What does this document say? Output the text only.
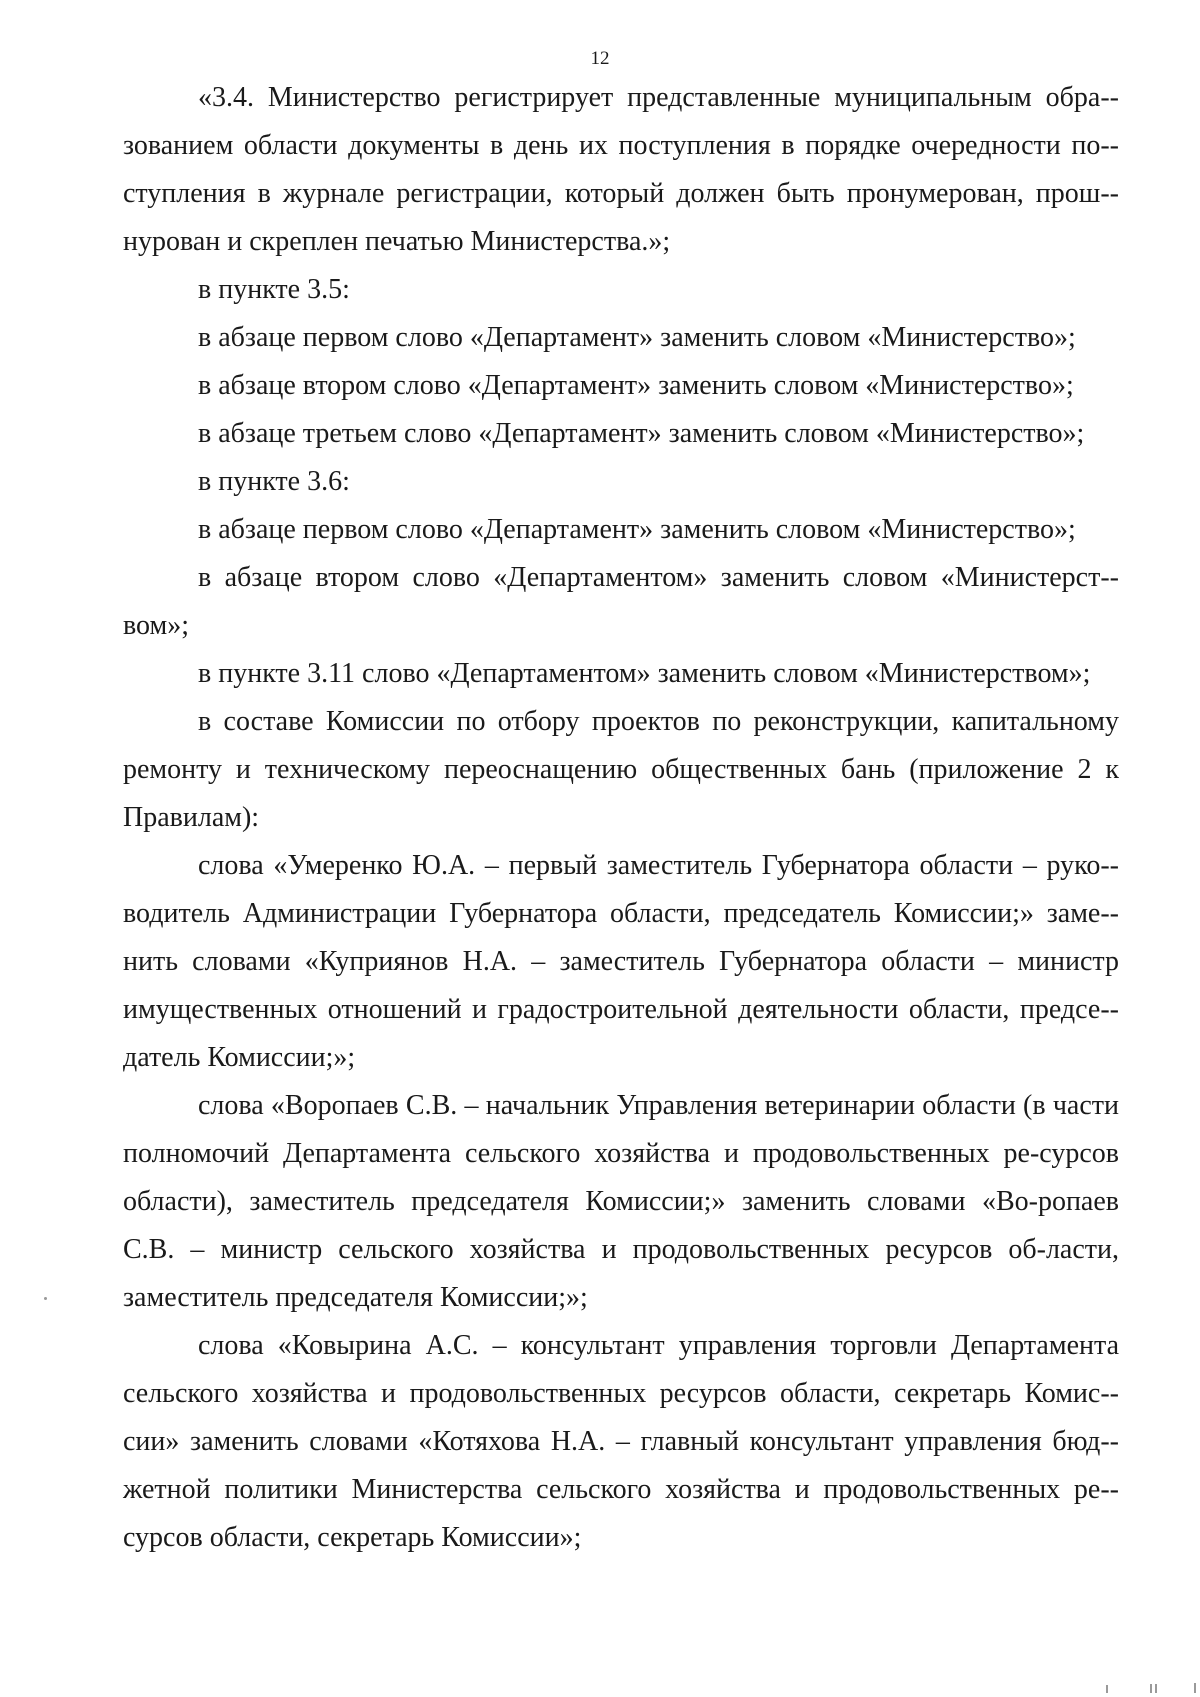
12

«3.4. Министерство регистрирует представленные муниципальным обра-зованием области документы в день их поступления в порядке очередности по-ступления в журнале регистрации, который должен быть пронумерован, прош-нурован и скреплен печатью Министерства.»;

в пункте 3.5:

в абзаце первом слово «Департамент» заменить словом «Министерство»;

в абзаце втором слово «Департамент» заменить словом «Министерство»;

в абзаце третьем слово «Департамент» заменить словом «Министерство»;

в пункте 3.6:

в абзаце первом слово «Департамент» заменить словом «Министерство»;

в абзаце втором слово «Департаментом» заменить словом «Министерст-вом»;

в пункте 3.11 слово «Департаментом» заменить словом «Министерством»;

в составе Комиссии по отбору проектов по реконструкции, капитальному ремонту и техническому переоснащению общественных бань (приложение 2 к Правилам):

слова «Умеренко Ю.А. – первый заместитель Губернатора области – руко-водитель Администрации Губернатора области, председатель Комиссии;» заме-нить словами «Куприянов Н.А. – заместитель Губернатора области – министр имущественных отношений и градостроительной деятельности области, предсе-датель Комиссии;»;

слова «Воропаев С.В. – начальник Управления ветеринарии области (в части полномочий Департамента сельского хозяйства и продовольственных ре-сурсов области), заместитель председателя Комиссии;» заменить словами «Во-ропаев С.В. – министр сельского хозяйства и продовольственных ресурсов об-ласти, заместитель председателя Комиссии;»;

слова «Ковырина А.С. – консультант управления торговли Департамента сельского хозяйства и продовольственных ресурсов области, секретарь Комис-сии» заменить словами «Котяхова Н.А. – главный консультант управления бюд-жетной политики Министерства сельского хозяйства и продовольственных ре-сурсов области, секретарь Комиссии»;
